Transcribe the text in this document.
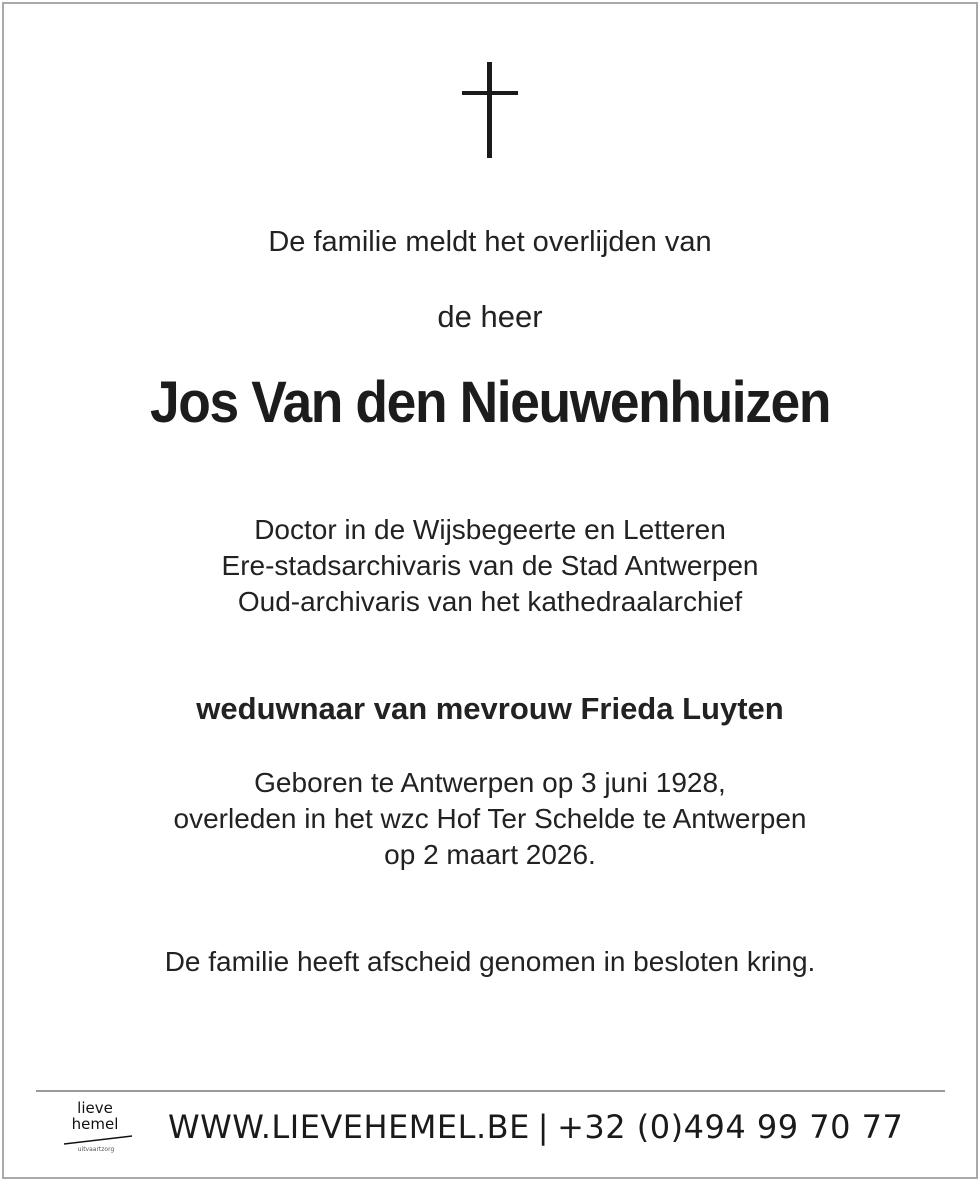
De familie meldt het overlijden van
de heer
Jos Van den Nieuwenhuizen
Doctor in de Wijsbegeerte en Letteren
Ere-stadsarchivaris van de Stad Antwerpen
Oud-archivaris van het kathedraalarchief
weduwnaar van mevrouw Frieda Luyten
Geboren te Antwerpen op 3 juni 1928,
overleden in het wzc Hof Ter Schelde te Antwerpen
op 2 maart 2026.
De familie heeft afscheid genomen in besloten kring.
lieve
hemel
uitvaartzorg
WWW.LIEVEHEMEL.BE | +32 (0)494 99 70 77
